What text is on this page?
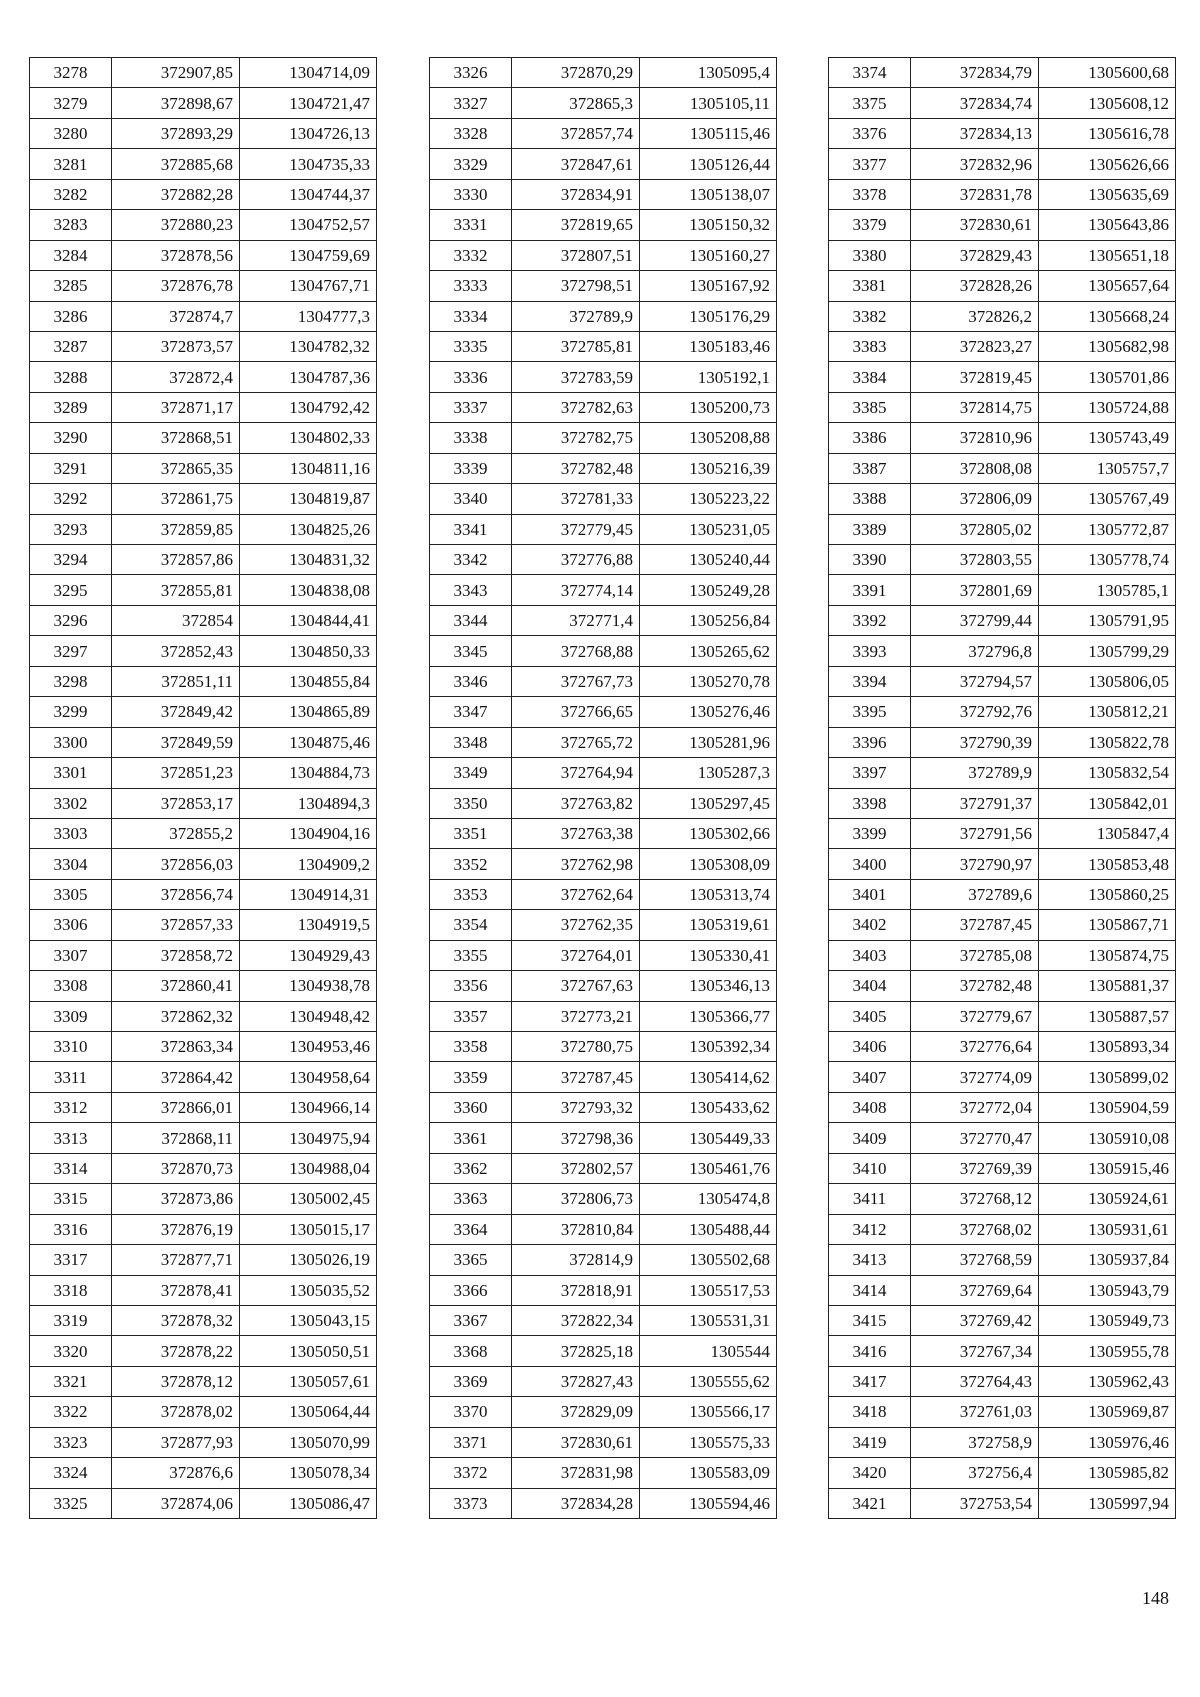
3278	372907,85	1304714,09
3279	372898,67	1304721,47
3280	372893,29	1304726,13
3281	372885,68	1304735,33
3282	372882,28	1304744,37
3283	372880,23	1304752,57
3284	372878,56	1304759,69
3285	372876,78	1304767,71
3286	372874,7	1304777,3
3287	372873,57	1304782,32
3288	372872,4	1304787,36
3289	372871,17	1304792,42
3290	372868,51	1304802,33
3291	372865,35	1304811,16
3292	372861,75	1304819,87
3293	372859,85	1304825,26
3294	372857,86	1304831,32
3295	372855,81	1304838,08
3296	372854	1304844,41
3297	372852,43	1304850,33
3298	372851,11	1304855,84
3299	372849,42	1304865,89
3300	372849,59	1304875,46
3301	372851,23	1304884,73
3302	372853,17	1304894,3
3303	372855,2	1304904,16
3304	372856,03	1304909,2
3305	372856,74	1304914,31
3306	372857,33	1304919,5
3307	372858,72	1304929,43
3308	372860,41	1304938,78
3309	372862,32	1304948,42
3310	372863,34	1304953,46
3311	372864,42	1304958,64
3312	372866,01	1304966,14
3313	372868,11	1304975,94
3314	372870,73	1304988,04
3315	372873,86	1305002,45
3316	372876,19	1305015,17
3317	372877,71	1305026,19
3318	372878,41	1305035,52
3319	372878,32	1305043,15
3320	372878,22	1305050,51
3321	372878,12	1305057,61
3322	372878,02	1305064,44
3323	372877,93	1305070,99
3324	372876,6	1305078,34
3325	372874,06	1305086,47
3326	372870,29	1305095,4
3327	372865,3	1305105,11
3328	372857,74	1305115,46
3329	372847,61	1305126,44
3330	372834,91	1305138,07
3331	372819,65	1305150,32
3332	372807,51	1305160,27
3333	372798,51	1305167,92
3334	372789,9	1305176,29
3335	372785,81	1305183,46
3336	372783,59	1305192,1
3337	372782,63	1305200,73
3338	372782,75	1305208,88
3339	372782,48	1305216,39
3340	372781,33	1305223,22
3341	372779,45	1305231,05
3342	372776,88	1305240,44
3343	372774,14	1305249,28
3344	372771,4	1305256,84
3345	372768,88	1305265,62
3346	372767,73	1305270,78
3347	372766,65	1305276,46
3348	372765,72	1305281,96
3349	372764,94	1305287,3
3350	372763,82	1305297,45
3351	372763,38	1305302,66
3352	372762,98	1305308,09
3353	372762,64	1305313,74
3354	372762,35	1305319,61
3355	372764,01	1305330,41
3356	372767,63	1305346,13
3357	372773,21	1305366,77
3358	372780,75	1305392,34
3359	372787,45	1305414,62
3360	372793,32	1305433,62
3361	372798,36	1305449,33
3362	372802,57	1305461,76
3363	372806,73	1305474,8
3364	372810,84	1305488,44
3365	372814,9	1305502,68
3366	372818,91	1305517,53
3367	372822,34	1305531,31
3368	372825,18	1305544
3369	372827,43	1305555,62
3370	372829,09	1305566,17
3371	372830,61	1305575,33
3372	372831,98	1305583,09
3373	372834,28	1305594,46
3374	372834,79	1305600,68
3375	372834,74	1305608,12
3376	372834,13	1305616,78
3377	372832,96	1305626,66
3378	372831,78	1305635,69
3379	372830,61	1305643,86
3380	372829,43	1305651,18
3381	372828,26	1305657,64
3382	372826,2	1305668,24
3383	372823,27	1305682,98
3384	372819,45	1305701,86
3385	372814,75	1305724,88
3386	372810,96	1305743,49
3387	372808,08	1305757,7
3388	372806,09	1305767,49
3389	372805,02	1305772,87
3390	372803,55	1305778,74
3391	372801,69	1305785,1
3392	372799,44	1305791,95
3393	372796,8	1305799,29
3394	372794,57	1305806,05
3395	372792,76	1305812,21
3396	372790,39	1305822,78
3397	372789,9	1305832,54
3398	372791,37	1305842,01
3399	372791,56	1305847,4
3400	372790,97	1305853,48
3401	372789,6	1305860,25
3402	372787,45	1305867,71
3403	372785,08	1305874,75
3404	372782,48	1305881,37
3405	372779,67	1305887,57
3406	372776,64	1305893,34
3407	372774,09	1305899,02
3408	372772,04	1305904,59
3409	372770,47	1305910,08
3410	372769,39	1305915,46
3411	372768,12	1305924,61
3412	372768,02	1305931,61
3413	372768,59	1305937,84
3414	372769,64	1305943,79
3415	372769,42	1305949,73
3416	372767,34	1305955,78
3417	372764,43	1305962,43
3418	372761,03	1305969,87
3419	372758,9	1305976,46
3420	372756,4	1305985,82
3421	372753,54	1305997,94
148
